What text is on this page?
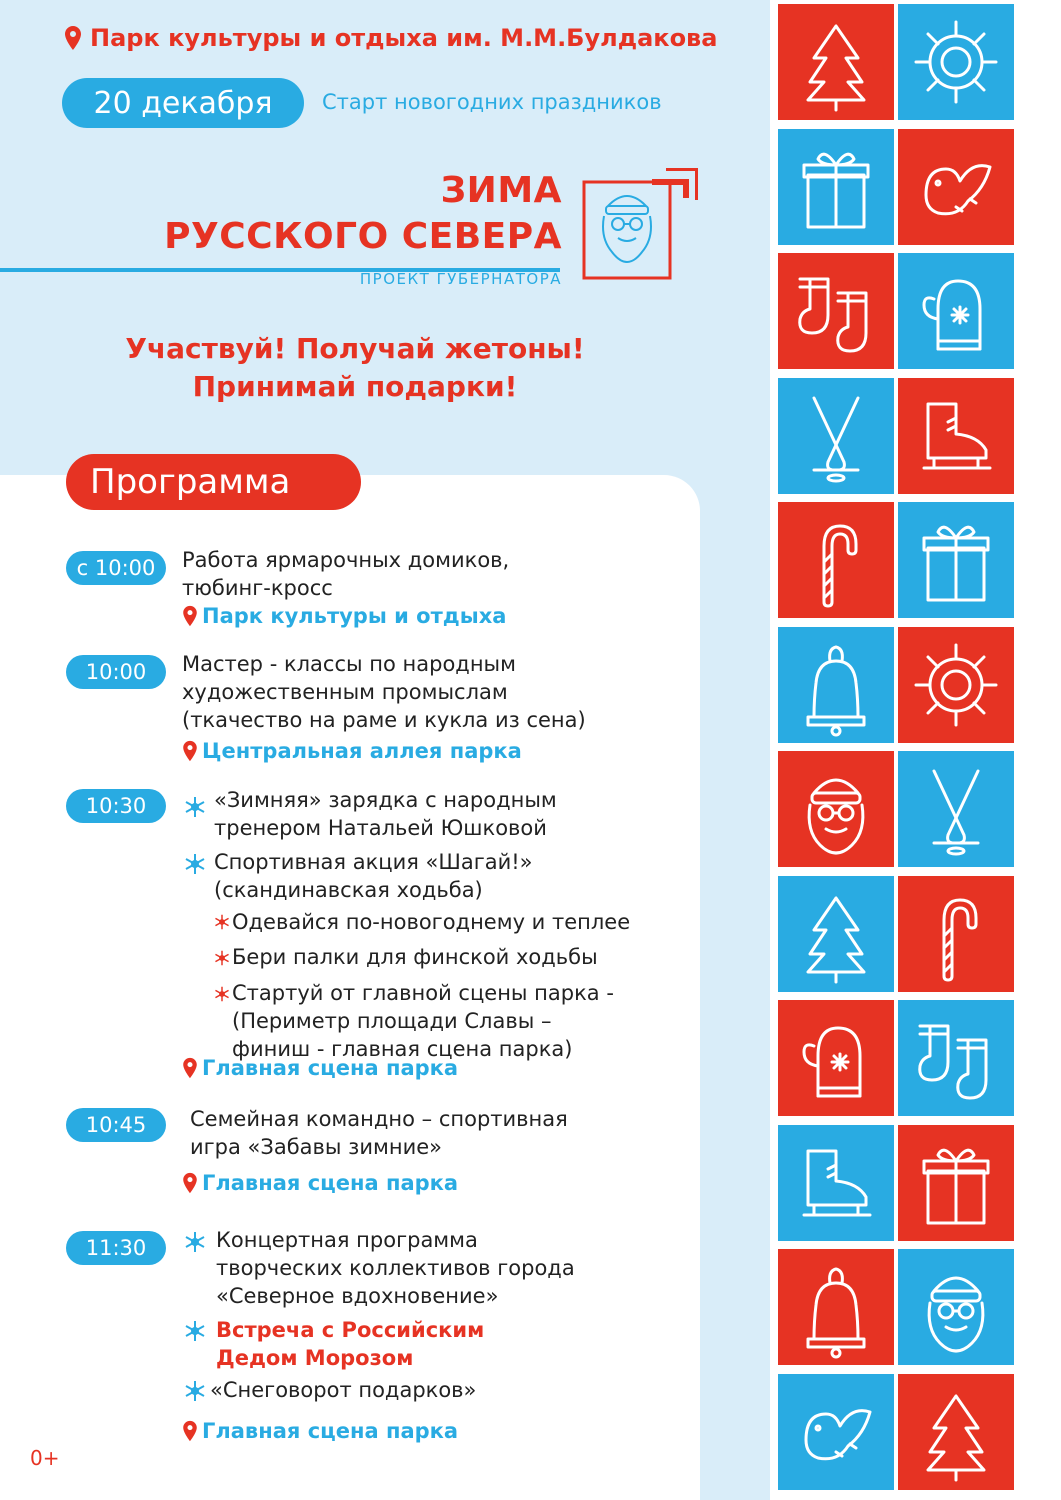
Парк культуры и отдыха им. М.М.Булдакова
20 декабря	Старт новогодних праздников
ЗИМА
РУССКОГО СЕВЕРА
ПРОЕКТ ГУБЕРНАТОРА
Участвуй! Получай жетоны!
Принимай подарки!
Программа
с 10:00	Работа ярмарочных домиков,
тюбинг-кросс
Парк культуры и отдыха
10:00	Мастер - классы по народным
художественным промыслам
(ткачество на раме и кукла из сена)
Центральная аллея парка
10:30	«Зимняя» зарядка с народным
тренером Натальей Юшковой
Спортивная акция «Шагай!»
(скандинавская ходьба)
Одевайся по-новогоднему и теплее
Бери палки для финской ходьбы
Стартуй от главной сцены парка -
(Периметр площади Славы –
финиш - главная сцена парка)
Главная сцена парка
10:45	Семейная командно – спортивная
игра «Забавы зимние»
Главная сцена парка
11:30	Концертная программа
творческих коллективов города
«Северное вдохновение»
Встреча с Российским
Дедом Морозом
«Снеговорот подарков»
Главная сцена парка
0+
